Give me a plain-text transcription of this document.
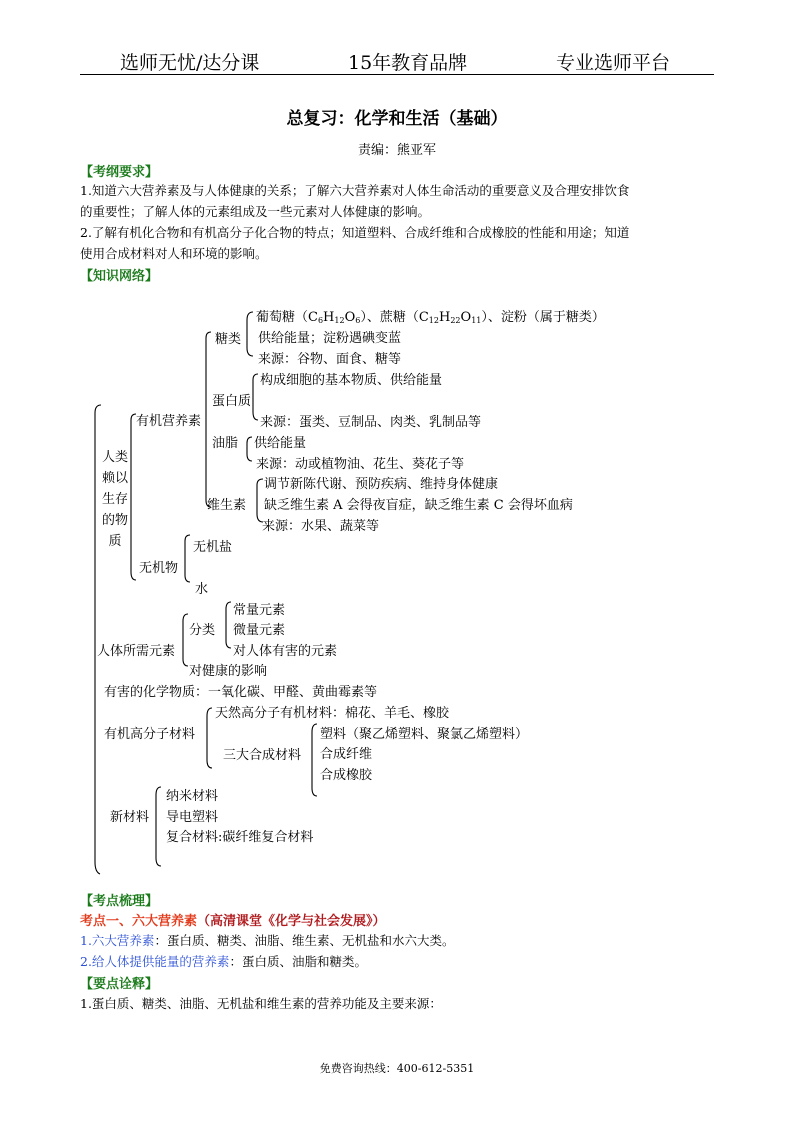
选师无忧/达分课	15年教育品牌	专业选师平台
总复习：化学和生活（基础）
责编：熊亚军
【考纲要求】
1.知道六大营养素及与人体健康的关系；了解六大营养素对人体生命活动的重要意义及合理安排饮食
的重要性；了解人体的元素组成及一些元素对人体健康的影响。
2.了解有机化合物和有机高分子化合物的特点；知道塑料、合成纤维和合成橡胶的性能和用途；知道
使用合成材料对人和环境的影响。
【知识网络】
人类赖以生存的物质
有机营养素
糖类
葡萄糖$(C_6H_{12}O_6)$、蔗糖$(C_{12}H_{22}O_{11})$、淀粉（属于糖类）
供给能量；淀粉遇碘变蓝
来源：谷物、面食、糖等
蛋白质
构成细胞的基本物质、供给能量
来源：蛋类、豆制品、肉类、乳制品等
油脂 供给能量
来源：动或植物油、花生、葵花子等
维生素
调节新陈代谢、预防疾病、维持身体健康
缺乏维生素 A 会得夜盲症，缺乏维生素 C 会得坏血病
来源：水果、蔬菜等
无机物
无机盐
水
人体所需元素
分类
常量元素
微量元素
对人体有害的元素
对健康的影响
有害的化学物质：一氧化碳、甲醛、黄曲霉素等
有机高分子材料
天然高分子有机材料：棉花、羊毛、橡胶
三大合成材料
塑料（聚乙烯塑料、聚氯乙烯塑料）
合成纤维
合成橡胶
新材料
纳米材料
导电塑料
复合材料:碳纤维复合材料
【考点梳理】
考点一、六大营养素（高清课堂《化学与社会发展》）
1.六大营养素：蛋白质、糖类、油脂、维生素、无机盐和水六大类。
2.给人体提供能量的营养素：蛋白质、油脂和糖类。
【要点诠释】
1.蛋白质、糖类、油脂、无机盐和维生素的营养功能及主要来源：
免费咨询热线：400-612-5351
